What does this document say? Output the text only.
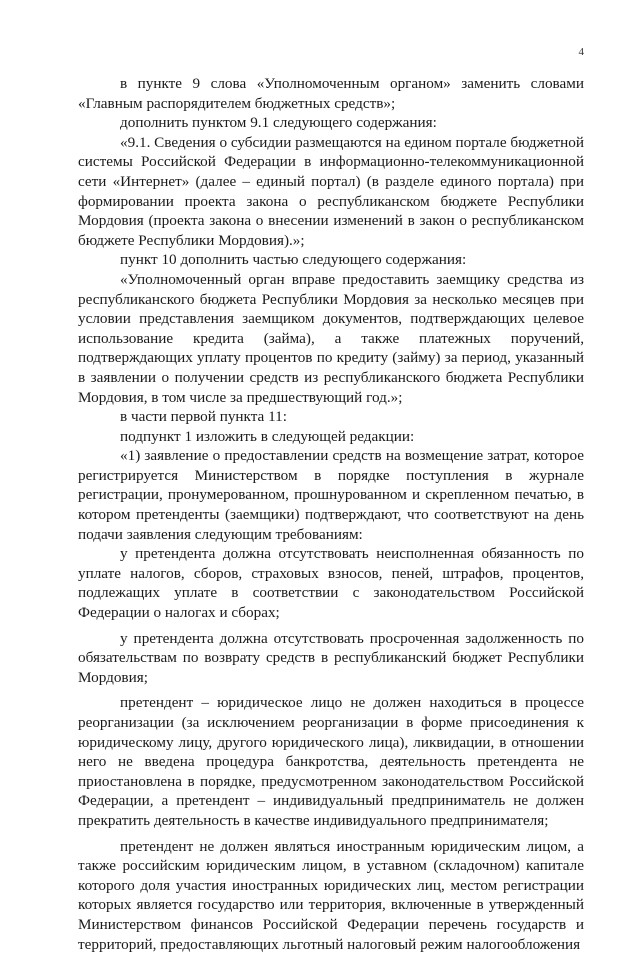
4

в пункте 9 слова «Уполномоченным органом» заменить словами «Главным распорядителем бюджетных средств»;

дополнить пунктом 9.1 следующего содержания:

«9.1. Сведения о субсидии размещаются на едином портале бюджетной системы Российской Федерации в информационно-телекоммуникационной сети «Интернет» (далее – единый портал) (в разделе единого портала) при формировании проекта закона о республиканском бюджете Республики Мордовия (проекта закона о внесении изменений в закон о республиканском бюджете Республики Мордовия).»;

пункт 10 дополнить частью следующего содержания:

«Уполномоченный орган вправе предоставить заемщику средства из республиканского бюджета Республики Мордовия за несколько месяцев при условии представления заемщиком документов, подтверждающих целевое использование кредита (займа), а также платежных поручений, подтверждающих уплату процентов по кредиту (займу) за период, указанный в заявлении о получении средств из республиканского бюджета Республики Мордовия, в том числе за предшествующий год.»;

в части первой пункта 11:

подпункт 1 изложить в следующей редакции:

«1) заявление о предоставлении средств на возмещение затрат, которое регистрируется Министерством в порядке поступления в журнале регистрации, пронумерованном, прошнурованном и скрепленном печатью, в котором претенденты (заемщики) подтверждают, что соответствуют на день подачи заявления следующим требованиям:

у претендента должна отсутствовать неисполненная обязанность по уплате налогов, сборов, страховых взносов, пеней, штрафов, процентов, подлежащих уплате в соответствии с законодательством Российской Федерации о налогах и сборах;

у претендента должна отсутствовать просроченная задолженность по обязательствам по возврату средств в республиканский бюджет Республики Мордовия;

претендент – юридическое лицо не должен находиться в процессе реорганизации (за исключением реорганизации в форме присоединения к юридическому лицу, другого юридического лица), ликвидации, в отношении него не введена процедура банкротства, деятельность претендента не приостановлена в порядке, предусмотренном законодательством Российской Федерации, а претендент – индивидуальный предприниматель не должен прекратить деятельность в качестве индивидуального предпринимателя;

претендент не должен являться иностранным юридическим лицом, а также российским юридическим лицом, в уставном (складочном) капитале которого доля участия иностранных юридических лиц, местом регистрации которых является государство или территория, включенные в утвержденный Министерством финансов Российской Федерации перечень государств и территорий, предоставляющих льготный налоговый режим налогообложения
